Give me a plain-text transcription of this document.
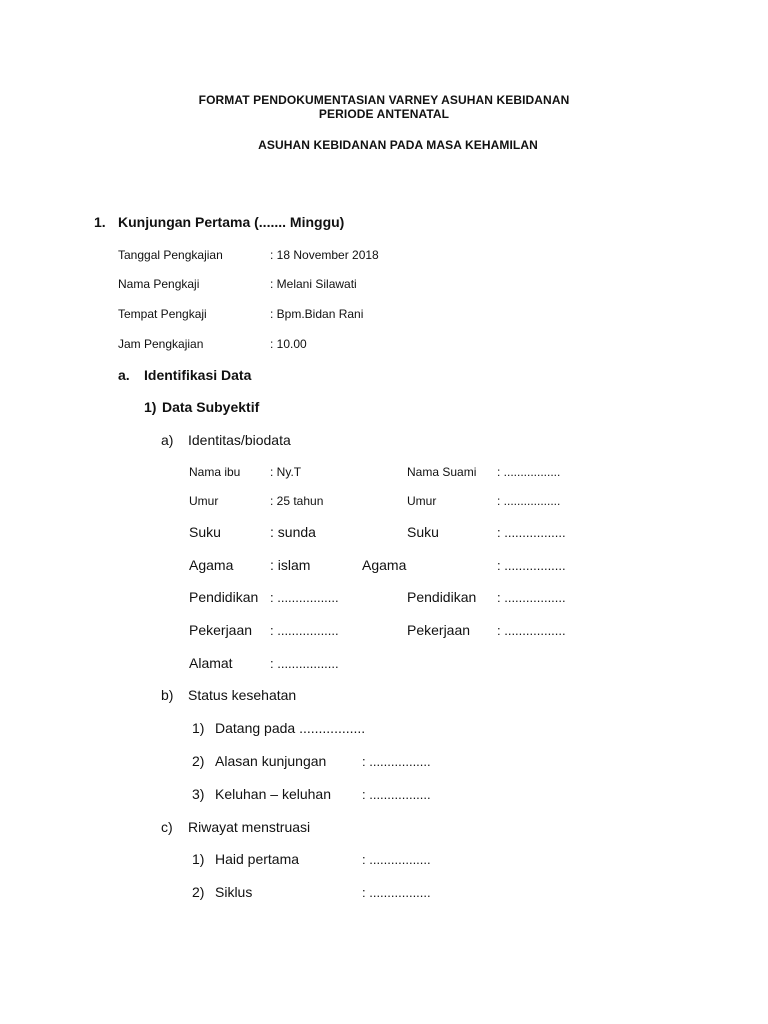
FORMAT PENDOKUMENTASIAN VARNEY ASUHAN KEBIDANAN
PERIODE ANTENATAL
ASUHAN KEBIDANAN PADA MASA KEHAMILAN
1. Kunjungan Pertama (....... Minggu)
Tanggal Pengkajian	: 18 November 2018
Nama Pengkaji	: Melani Silawati
Tempat Pengkaji	: Bpm.Bidan Rani
Jam Pengkajian	: 10.00
a. Identifikasi Data
1) Data Subyektif
a) Identitas/biodata
Nama ibu : Ny.T	Nama Suami : .................
Umur	: 25 tahun	Umur	: .................
Suku	: sunda	Suku	: .................
Agama	: islam	Agama	: .................
Pendidikan : .................	Pendidikan : .................
Pekerjaan : .................	Pekerjaan : .................
Alamat	: .................
b) Status kesehatan
1) Datang pada .................
2) Alasan kunjungan	: .................
3) Keluhan – keluhan : .................
c) Riwayat menstruasi
1) Haid pertama	: .................
2) Siklus	: .................
